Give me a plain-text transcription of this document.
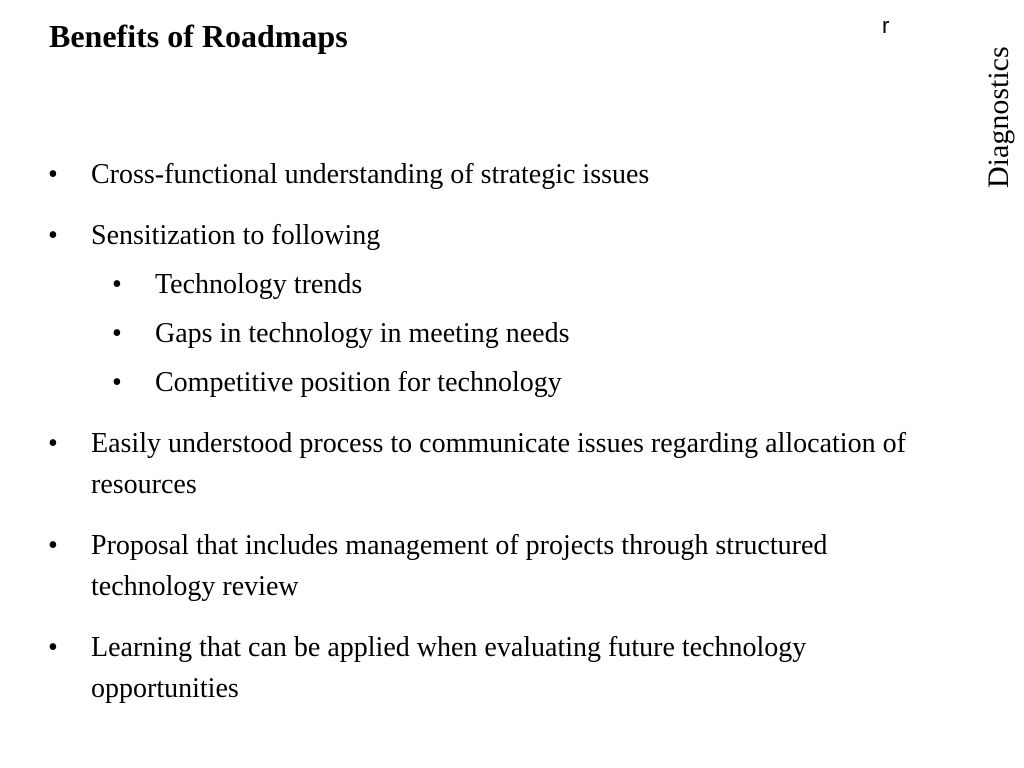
Benefits of Roadmaps	r
Diagnostics
• Cross-functional understanding of strategic issues
• Sensitization to following
• Technology trends
• Gaps in technology in meeting needs
• Competitive position for technology
• Easily understood process to communicate issues regarding allocation of resources
• Proposal that includes management of projects through structured technology review
• Learning that can be applied when evaluating future technology opportunities
